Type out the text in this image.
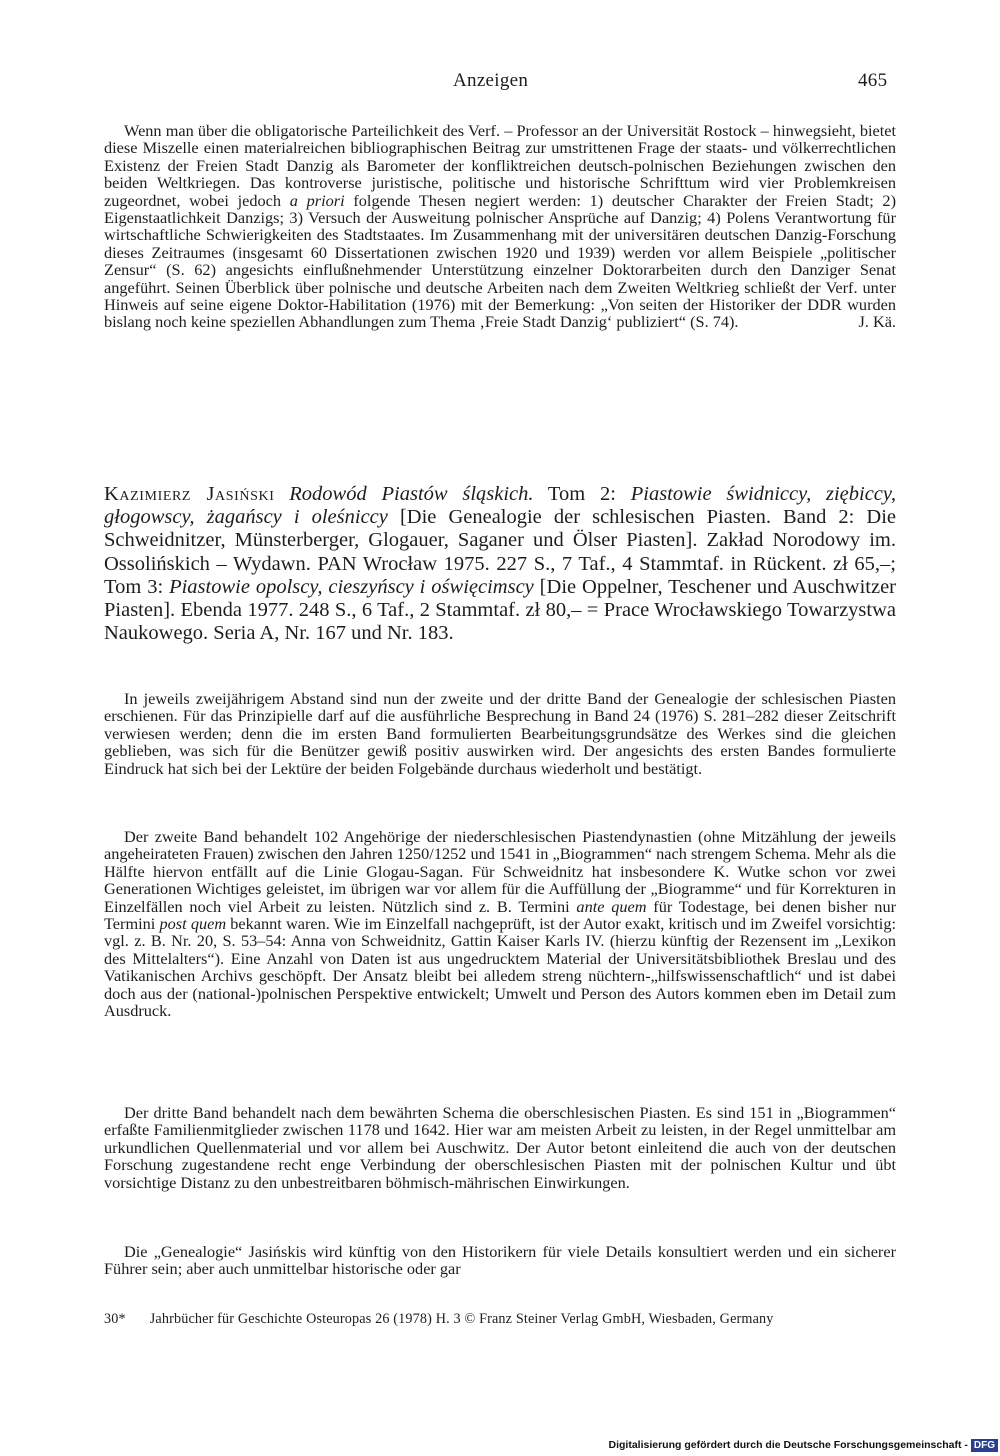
Anzeigen	465

Wenn man über die obligatorische Parteilichkeit des Verf. – Professor an der Universität Rostock – hinwegsieht, bietet diese Miszelle einen materialreichen bibliographischen Beitrag zur umstrittenen Frage der staats- und völkerrechtlichen Existenz der Freien Stadt Danzig als Barometer der konfliktreichen deutsch-polnischen Beziehungen zwischen den beiden Weltkriegen. Das kontroverse juristische, politische und historische Schrifttum wird vier Problemkreisen zugeordnet, wobei jedoch a priori folgende Thesen negiert werden: 1) deutscher Charakter der Freien Stadt; 2) Eigenstaatlichkeit Danzigs; 3) Versuch der Ausweitung polnischer Ansprüche auf Danzig; 4) Polens Verantwortung für wirtschaftliche Schwierigkeiten des Stadtstaates. Im Zusammenhang mit der universitären deutschen Danzig-Forschung dieses Zeitraumes (insgesamt 60 Dissertationen zwischen 1920 und 1939) werden vor allem Beispiele „politischer Zensur“ (S. 62) angesichts einflußnehmender Unterstützung einzelner Doktorarbeiten durch den Danziger Senat angeführt. Seinen Überblick über polnische und deutsche Arbeiten nach dem Zweiten Weltkrieg schließt der Verf. unter Hinweis auf seine eigene Doktor-Habilitation (1976) mit der Bemerkung: „Von seiten der Historiker der DDR wurden bislang noch keine speziellen Abhandlungen zum Thema ‚Freie Stadt Danzig‘ publiziert“ (S. 74).	J. Kä.

Kazimierz Jasiński Rodowód Piastów śląskich. Tom 2: Piastowie świdniccy, ziębiccy, głogowscy, żagańscy i oleśniccy [Die Genealogie der schlesischen Piasten. Band 2: Die Schweidnitzer, Münsterberger, Glogauer, Saganer und Ölser Piasten]. Zakład Norodowy im. Ossolińskich – Wydawn. PAN Wrocław 1975. 227 S., 7 Taf., 4 Stammtaf. in Rückent. zł 65,–; Tom 3: Piastowie opolscy, cieszyńscy i oświęcimscy [Die Oppelner, Teschener und Auschwitzer Piasten]. Ebenda 1977. 248 S., 6 Taf., 2 Stammtaf. zł 80,– = Prace Wrocławskiego Towarzystwa Naukowego. Seria A, Nr. 167 und Nr. 183.

In jeweils zweijährigem Abstand sind nun der zweite und der dritte Band der Genealogie der schlesischen Piasten erschienen. Für das Prinzipielle darf auf die ausführliche Besprechung in Band 24 (1976) S. 281–282 dieser Zeitschrift verwiesen werden; denn die im ersten Band formulierten Bearbeitungsgrundsätze des Werkes sind die gleichen geblieben, was sich für die Benützer gewiß positiv auswirken wird. Der angesichts des ersten Bandes formulierte Eindruck hat sich bei der Lektüre der beiden Folgebände durchaus wiederholt und bestätigt.

Der zweite Band behandelt 102 Angehörige der niederschlesischen Piastendynastien (ohne Mitzählung der jeweils angeheirateten Frauen) zwischen den Jahren 1250/1252 und 1541 in „Biogrammen“ nach strengem Schema. Mehr als die Hälfte hiervon entfällt auf die Linie Glogau-Sagan. Für Schweidnitz hat insbesondere K. Wutke schon vor zwei Generationen Wichtiges geleistet, im übrigen war vor allem für die Auffüllung der „Biogramme“ und für Korrekturen in Einzelfällen noch viel Arbeit zu leisten. Nützlich sind z. B. Termini ante quem für Todestage, bei denen bisher nur Termini post quem bekannt waren. Wie im Einzelfall nachgeprüft, ist der Autor exakt, kritisch und im Zweifel vorsichtig: vgl. z. B. Nr. 20, S. 53–54: Anna von Schweidnitz, Gattin Kaiser Karls IV. (hierzu künftig der Rezensent im „Lexikon des Mittelalters“). Eine Anzahl von Daten ist aus ungedrucktem Material der Universitätsbibliothek Breslau und des Vatikanischen Archivs geschöpft. Der Ansatz bleibt bei alledem streng nüchtern-„hilfswissenschaftlich“ und ist dabei doch aus der (national-)polnischen Perspektive entwickelt; Umwelt und Person des Autors kommen eben im Detail zum Ausdruck.

Der dritte Band behandelt nach dem bewährten Schema die oberschlesischen Piasten. Es sind 151 in „Biogrammen“ erfaßte Familienmitglieder zwischen 1178 und 1642. Hier war am meisten Arbeit zu leisten, in der Regel unmittelbar am urkundlichen Quellenmaterial und vor allem bei Auschwitz. Der Autor betont einleitend die auch von der deutschen Forschung zugestandene recht enge Verbindung der oberschlesischen Piasten mit der polnischen Kultur und übt vorsichtige Distanz zu den unbestreitbaren böhmisch-mährischen Einwirkungen.

Die „Genealogie“ Jasińskis wird künftig von den Historikern für viele Details konsultiert werden und ein sicherer Führer sein; aber auch unmittelbar historische oder gar

30* Jahrbücher für Geschichte Osteuropas 26 (1978) H. 3 © Franz Steiner Verlag GmbH, Wiesbaden, Germany
Digitalisierung gefördert durch die Deutsche Forschungsgemeinschaft - DFG
